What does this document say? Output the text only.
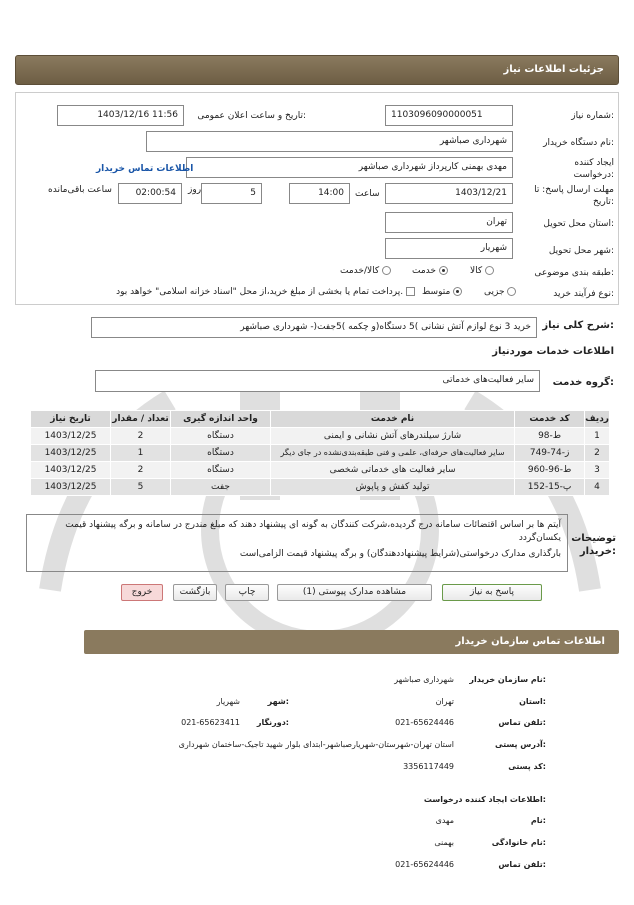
جزئیات اطلاعات نیاز
شماره نیاز:
1103096090000051
تاریخ و ساعت اعلان عمومی:
1403/12/16 11:56
نام دستگاه خریدار:
شهرداری صباشهر
ایجاد کننده درخواست:
مهدی بهمنی کارپرداز شهرداری صباشهر
اطلاعات تماس خریدار
مهلت ارسال پاسخ: تا تاریخ:
1403/12/21
ساعت
14:00
5
روز
02:00:54
ساعت باقی‌مانده
استان محل تحویل:
تهران
شهر محل تحویل:
شهریار
طبقه بندی موضوعی:
کالا
خدمت
کالا/خدمت
نوع فرآیند خرید:
جزیی
متوسط
پرداخت تمام یا بخشی از مبلغ خرید،از محل "اسناد خزانه اسلامی" خواهد بود.
شرح کلی نیاز:
خرید 3 نوع لوازم آتش نشانی )5 دستگاه(و چکمه )5جفت(- شهرداری صباشهر
اطلاعات خدمات موردنیاز
گروه خدمت:
سایر فعالیت‌های خدماتی
ردیف	کد خدمت	نام خدمت	واحد اندازه گیری	تعداد / مقدار	تاریخ نیاز
1	ط-98	شارژ سیلندرهای آتش نشانی و ایمنی	دستگاه	2	1403/12/25
2	ز-74-749	سایر فعالیت‌های حرفه‌ای، علمی و فنی طبقه‌بندی‌نشده در جای دیگر	دستگاه	1	1403/12/25
3	ط-96-960	سایر فعالیت های خدماتی شخصی	دستگاه	2	1403/12/25
4	پ-15-152	تولید کفش و پاپوش	جفت	5	1403/12/25
توضیحات خریدار:
آیتم ها بر اساس اقتضائات سامانه درج گردیده،شرکت کنندگان به گونه ای پیشنهاد دهند که مبلغ مندرج در سامانه و برگه پیشنهاد قیمت یکسان‌گردد
بارگذاری مدارک درخواستی(شرایط پیشنهاددهندگان) و برگه پیشنهاد قیمت الزامی‌است
پاسخ به نیاز
مشاهده مدارک پیوستی (1)
چاپ
بازگشت
خروج
اطلاعات تماس سازمان خریدار
نام سازمان خریدار:
شهرداری صباشهر
استان:
تهران
شهر:
شهریار
تلفن تماس:
021-65624446
دورنگار:
021-65623411
آدرس پستی:
استان تهران-شهرستان-شهریارصباشهر-ابتدای بلوار شهید تاجیک-ساختمان شهرداری
کد پستی:
3356117449
اطلاعات ایجاد کننده درخواست:
نام:
مهدی
نام خانوادگی:
بهمنی
تلفن تماس:
021-65624446
